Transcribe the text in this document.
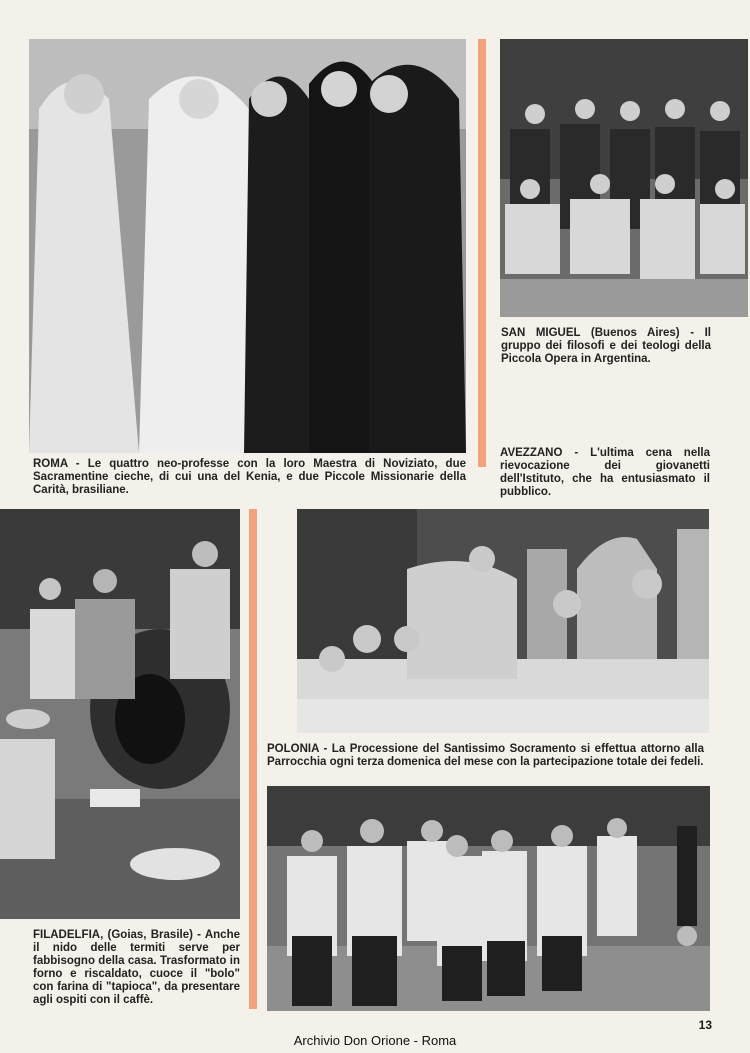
SAN MIGUEL (Buenos Aires) - Il gruppo dei filosofi e dei teologi della Piccola Opera in Argentina.
ROMA - Le quattro neo-professe con la loro Maestra di Noviziato, due Sacramentine cieche, di cui una del Kenia, e due Piccole Missionarie della Carità, brasiliane.
AVEZZANO - L'ultima cena nella rievocazione dei giovanetti dell'Istituto, che ha entusiasmato il pubblico.
POLONIA - La Processione del Santissimo Socramento si effettua attorno alla Parrocchia ogni terza domenica del mese con la partecipazione totale dei fedeli.
FILADELFIA, (Goias, Brasile) - Anche il nido delle termiti serve per fabbisogno della casa. Trasformato in forno e riscaldato, cuoce il "bolo" con farina di "tapioca", da presentare agli ospiti con il caffè.
13
Archivio Don Orione - Roma
